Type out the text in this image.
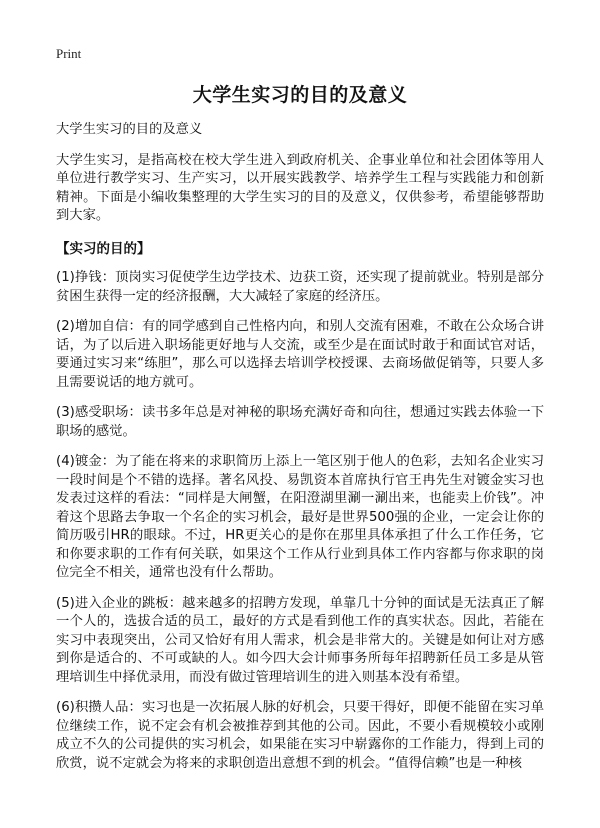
Print
大学生实习的目的及意义

大学生实习的目的及意义

大学生实习，是指高校在校大学生进入到政府机关、企事业单位和社会团体等用人单位进行教学实习、生产实习，以开展实践教学、培养学生工程与实践能力和创新精神。下面是小编收集整理的大学生实习的目的及意义，仅供参考，希望能够帮助到大家。

【实习的目的】

(1)挣钱：顶岗实习促使学生边学技术、边获工资，还实现了提前就业。特别是部分贫困生获得一定的经济报酬，大大减轻了家庭的经济压。

(2)增加自信：有的同学感到自己性格内向，和别人交流有困难，不敢在公众场合讲话，为了以后进入职场能更好地与人交流，或至少是在面试时敢于和面试官对话，要通过实习来“练胆”，那么可以选择去培训学校授课、去商场做促销等，只要人多且需要说话的地方就可。

(3)感受职场：读书多年总是对神秘的职场充满好奇和向往，想通过实践去体验一下职场的感觉。

(4)镀金：为了能在将来的求职简历上添上一笔区别于他人的色彩，去知名企业实习一段时间是个不错的选择。著名风投、易凯资本首席执行官王冉先生对镀金实习也发表过这样的看法：“同样是大闸蟹，在阳澄湖里涮一涮出来，也能卖上价钱”。冲着这个思路去争取一个名企的实习机会，最好是世界500强的企业，一定会让你的简历吸引HR的眼球。不过，HR更关心的是你在那里具体承担了什么工作任务，它和你要求职的工作有何关联，如果这个工作从行业到具体工作内容都与你求职的岗位完全不相关，通常也没有什么帮助。

(5)进入企业的跳板：越来越多的招聘方发现，单靠几十分钟的面试是无法真正了解一个人的，选拔合适的员工，最好的方式是看到他工作的真实状态。因此，若能在实习中表现突出，公司又恰好有用人需求，机会是非常大的。关键是如何让对方感到你是适合的、不可或缺的人。如今四大会计师事务所每年招聘新任员工多是从管理培训生中择优录用，而没有做过管理培训生的进入则基本没有希望。

(6)积攒人品：实习也是一次拓展人脉的好机会，只要干得好，即便不能留在实习单位继续工作，说不定会有机会被推荐到其他的公司。因此，不要小看规模较小或刚成立不久的公司提供的实习机会，如果能在实习中崭露你的工作能力，得到上司的欣赏，说不定就会为将来的求职创造出意想不到的机会。“值得信赖”也是一种核
